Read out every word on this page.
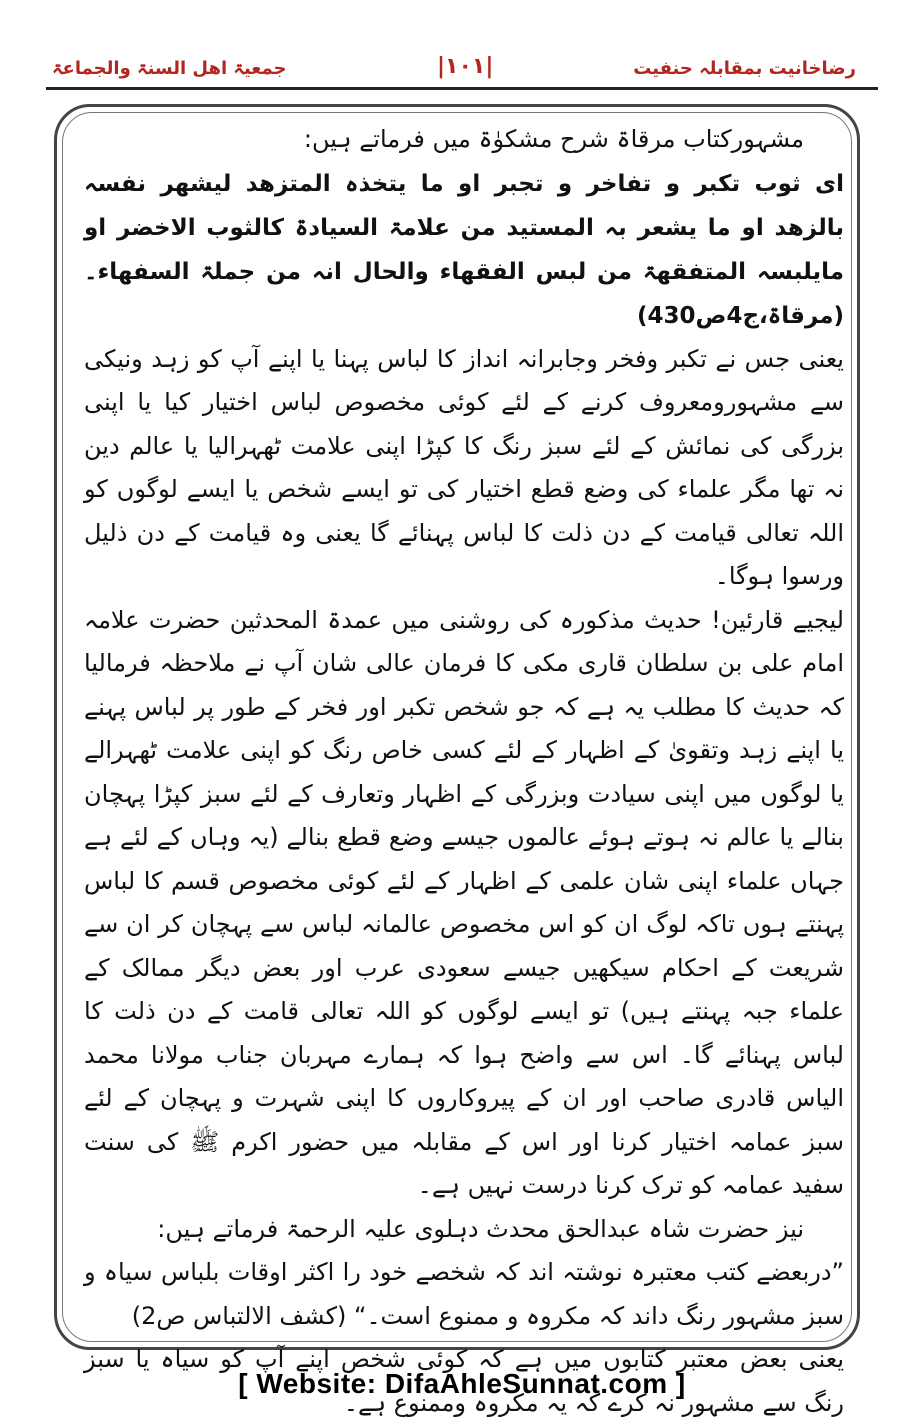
رضاخانیت بمقابلہ حنفیت
|۱۰۱|
جمعیۃ اهل السنۃ والجماعۃ

مشہورکتاب مرقاۃ شرح مشکوٰۃ میں فرماتے ہیں:

ای ثوب تکبر و تفاخر و تجبر او ما یتخذہ المتزھد لیشھر نفسہ بالزھد او ما یشعر بہ المستید من علامۃ السیادۃ کالثوب الاخضر او مایلبسہ المتفقھۃ من لبس الفقھاء والحال انہ من جملۃ السفھاء۔ (مرقاۃ،ج4ص430)

یعنی جس نے تکبر وفخر وجابرانہ انداز کا لباس پہنا یا اپنے آپ کو زہد ونیکی سے مشہورومعروف کرنے کے لئے کوئی مخصوص لباس اختیار کیا یا اپنی بزرگی کی نمائش کے لئے سبز رنگ کا کپڑا اپنی علامت ٹھہرالیا یا عالم دین نہ تھا مگر علماء کی وضع قطع اختیار کی تو ایسے شخص یا ایسے لوگوں کو اللہ تعالی قیامت کے دن ذلت کا لباس پہنائے گا یعنی وہ قیامت کے دن ذلیل ورسوا ہوگا۔

لیجیے قارئین! حدیث مذکورہ کی روشنی میں عمدۃ المحدثین حضرت علامہ امام علی بن سلطان قاری مکی کا فرمان عالی شان آپ نے ملاحظہ فرمالیا کہ حدیث کا مطلب یہ ہے کہ جو شخص تکبر اور فخر کے طور پر لباس پہنے یا اپنے زہد وتقویٰ کے اظہار کے لئے کسی خاص رنگ کو اپنی علامت ٹھہرالے یا لوگوں میں اپنی سیادت وبزرگی کے اظہار وتعارف کے لئے سبز کپڑا پہچان بنالے یا عالم نہ ہوتے ہوئے عالموں جیسے وضع قطع بنالے (یہ وہاں کے لئے ہے جہاں علماء اپنی شان علمی کے اظہار کے لئے کوئی مخصوص قسم کا لباس پہنتے ہوں تاکہ لوگ ان کو اس مخصوص عالمانہ لباس سے پہچان کر ان سے شریعت کے احکام سیکھیں جیسے سعودی عرب اور بعض دیگر ممالک کے علماء جبہ پہنتے ہیں) تو ایسے لوگوں کو اللہ تعالی قامت کے دن ذلت کا لباس پہنائے گا۔ اس سے واضح ہوا کہ ہمارے مہربان جناب مولانا محمد الیاس قادری صاحب اور ان کے پیروکاروں کا اپنی شہرت و پہچان کے لئے سبز عمامہ اختیار کرنا اور اس کے مقابلہ میں حضور اکرم ﷺ کی سنت سفید عمامہ کو ترک کرنا درست نہیں ہے۔

نیز حضرت شاہ عبدالحق محدث دہلوی علیہ الرحمۃ فرماتے ہیں:

”دربعضے کتب معتبرہ نوشتہ اند کہ شخصے خود را اکثر اوقات بلباس سیاہ و سبز مشہور رنگ داند کہ مکروہ و ممنوع است۔“ (کشف الالتباس ص2)

یعنی بعض معتبر کتابوں میں ہے کہ کوئی شخص اپنے آپ کو سیاہ یا سبز رنگ سے مشہور نہ کرے کہ یہ مکروہ وممنوع ہے۔

[ Website: DifaAhleSunnat.com ]
